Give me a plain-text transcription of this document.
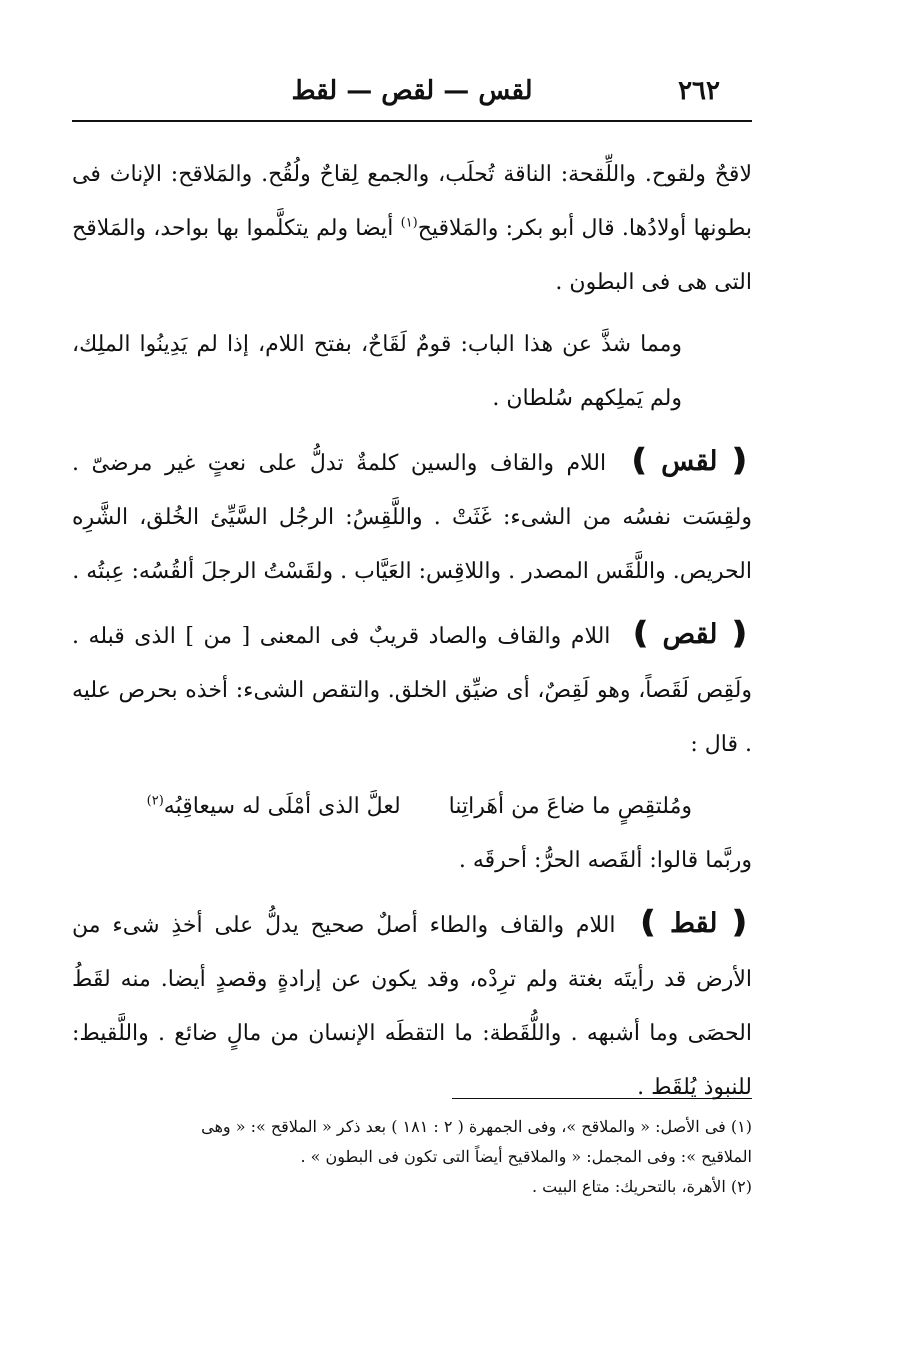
٢٦٢
لقس — لقص — لقط

لاقحٌ ولقوح. واللِّقحة: الناقة تُحلَب، والجمع لِقاحٌ ولُقُح. والمَلاقح: الإناث فى بطونها أولادُها. قال أبو بكر: والمَلاقيح$^{(١)}$ أيضا ولم يتكلَّموا بها بواحد، والمَلاقح التى هى فى البطون .

ومما شذَّ عن هذا الباب: قومٌ لَقَاحٌ، بفتح اللام، إذا لم يَدِينُوا الملِك، ولم يَملِكهم سُلطان .

❪ لقس ❫ اللام والقاف والسين كلمةٌ تدلُّ على نعتٍ غير مرضىّ . ولقِسَت نفسُه من الشىء: غَثَتْ . واللَّقِسُ: الرجُل السَّيِّئ الخُلق، الشَّرِه الحريص. واللَّقَس المصدر . واللاقِس: العَيَّاب . ولقَسْتُ الرجلَ ألقُسُه: عِبتُه .

❪ لقص ❫ اللام والقاف والصاد قريبٌ فى المعنى [ من ] الذى قبله . ولَقِص لَقَصاً، وهو لَقِصٌ، أى ضيِّق الخلق. والتقص الشىء: أخذه بحرص عليه . قال :

ومُلتقِصٍ ما ضاعَ من أهَراتِنا
لعلَّ الذى أمْلَى له سيعاقِبُه$^{(٢)}$

وربَّما قالوا: ألقَصه الحرُّ: أحرقَه .

❪ لقط ❫ اللام والقاف والطاء أصلٌ صحيح يدلُّ على أخذِ شىء من الأرض قد رأيتَه بغتة ولم ترِدْه، وقد يكون عن إرادةٍ وقصدٍ أيضا. منه لقَطُ الحصَى وما أشبهه . واللُّقَطة: ما التقطَه الإنسان من مالٍ ضائع . واللَّقيط: للنبوذ يُلقَط .

(١) فى الأصل: « والملاقح »، وفى الجمهرة ( ٢ : ١٨١ ) بعد ذكر « الملاقح »: « وهى

الملاقيح »: وفى المجمل: « والملاقيح أيضاً التى تكون فى البطون » .

(٢) الأهرة، بالتحريك: متاع البيت .
